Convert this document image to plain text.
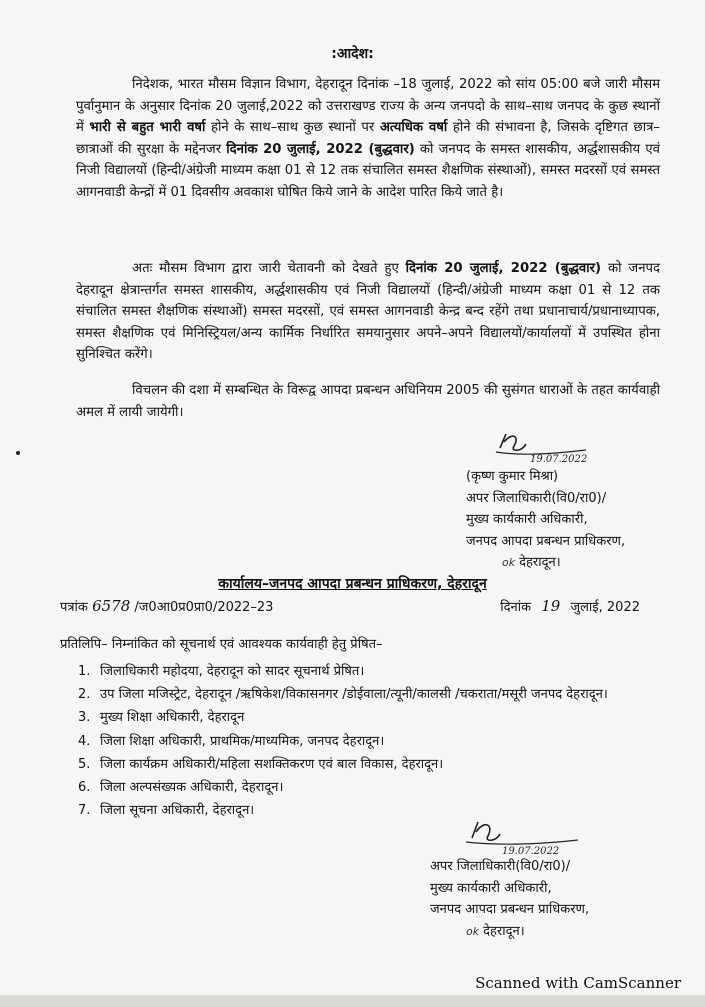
:आदेश:
निदेशक, भारत मौसम विज्ञान विभाग, देहरादून दिनांक –18 जुलाई, 2022 को सांय 05:00 बजे जारी मौसम पुर्वानुमान के अनुसार दिनांक 20 जुलाई,2022 को उत्तराखण्ड राज्य के अन्य जनपदो के साथ–साथ जनपद के कुछ स्थानों में भारी से बहुत भारी वर्षा होने के साथ–साथ कुछ स्थानों पर अत्यधिक वर्षा होने की संभावना है, जिसके दृष्टिगत छात्र–छात्राओं की सुरक्षा के मद्देनजर दिनांक 20 जुलाई, 2022 (बुद्धवार) को जनपद के समस्त शासकीय, अर्द्धशासकीय एवं निजी विद्यालयों (हिन्दी/अंग्रेजी माध्यम कक्षा 01 से 12 तक संचालित समस्त शैक्षणिक संस्थाओं), समस्त मदरसों एवं समस्त आगनवाडी केन्द्रों में 01 दिवसीय अवकाश घोषित किये जाने के आदेश पारित किये जाते है।
अतः मौसम विभाग द्वारा जारी चेतावनी को देखते हुए दिनांक 20 जुलाई, 2022 (बुद्धवार) को जनपद देहरादून क्षेत्रान्तर्गत समस्त शासकीय, अर्द्धशासकीय एवं निजी विद्यालयों (हिन्दी/अंग्रेजी माध्यम कक्षा 01 से 12 तक संचालित समस्त शैक्षणिक संस्थाओं) समस्त मदरसों, एवं समस्त आगनवाडी केन्द्र बन्द रहेंगे तथा प्रधानाचार्य/प्रधानाध्यापक, समस्त शैक्षणिक एवं मिनिस्ट्रियल/अन्य कार्मिक निर्धारित समयानुसार अपने–अपने विद्यालयों/कार्यालयों में उपस्थित होना सुनिश्चित करेंगे।
विचलन की दशा में सम्बन्धित के विरूद्व आपदा प्रबन्धन अधिनियम 2005 की सुसंगत धाराओं के तहत कार्यवाही अमल में लायी जायेगी।
19.07.2022
(कृष्ण कुमार मिश्रा)
अपर जिलाधिकारी(वि0/रा0)/
मुख्य कार्यकारी अधिकारी,
जनपद आपदा प्रबन्धन प्राधिकरण,
ok देहरादून।
कार्यालय–जनपद आपदा प्रबन्धन प्राधिकरण, देहरादून
पत्रांक 6578 /ज0आ0प्र0प्रा0/2022–23	दिनांक 19 जुलाई, 2022
प्रतिलिपि– निम्नांकित को सूचनार्थ एवं आवश्यक कार्यवाही हेतु प्रेषित–
1. जिलाधिकारी महोदया, देहरादून को सादर सूचनार्थ प्रेषित।
2. उप जिला मजिस्ट्रेट, देहरादून /ऋषिकेश/विकासनगर /डोईवाला/त्यूनी/कालसी /चकराता/मसूरी जनपद देहरादून।
3. मुख्य शिक्षा अधिकारी, देहरादून
4. जिला शिक्षा अधिकारी, प्राथमिक/माध्यमिक, जनपद देहरादून।
5. जिला कार्यक्रम अधिकारी/महिला सशक्तिकरण एवं बाल विकास, देहरादून।
6. जिला अल्पसंख्यक अधिकारी, देहरादून।
7. जिला सूचना अधिकारी, देहरादून।
19.07.2022
अपर जिलाधिकारी(वि0/रा0)/
मुख्य कार्यकारी अधिकारी,
जनपद आपदा प्रबन्धन प्राधिकरण,
ok देहरादून।
Scanned with CamScanner
